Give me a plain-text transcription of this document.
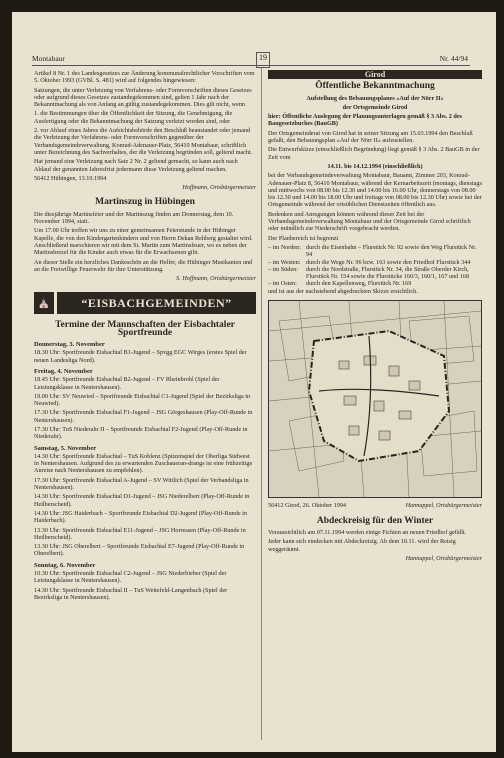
Montabaur	19	Nr. 44/94

Artikel 8 Nr. 1 des Landesgesetzes zur Änderung kommunalrechtlicher Vorschriften vom 5. Oktober 1993 (GVBl. S. 481) wird auf folgendes hingewiesen:

Satzungen, die unter Verletzung von Verfahrens- oder Formvorschriften dieses Gesetzes oder aufgrund dieses Gesetzes zustandegekommen sind, gelten 1 Jahr nach der Bekanntmachung als von Anfang an gültig zustandegekommen. Dies gilt nicht, wenn

1. die Bestimmungen über die Öffentlichkeit der Sitzung, die Genehmigung, die Ausfertigung oder die Bekanntmachung der Satzung verletzt worden sind, oder

2. vor Ablauf eines Jahres die Aufsichtsbehörde den Beschluß beanstandet oder jemand die Verletzung der Verfahrens- oder Formvorschriften gegenüber der Verbandsgemeindeverwaltung, Konrad-Adenauer-Platz, 56410 Montabaur, schriftlich unter Bezeichnung des Sachverhaltes, der die Verletzung begründen soll, geltend macht.

Hat jemand eine Verletzung nach Satz 2 Nr. 2 geltend gemacht, so kann auch nach Ablauf der genannten Jahresfrist jedermann diese Verletzung geltend machen.

56412 Hübingen, 13.10.1994

Hoffmann, Ortsbürgermeister

Martinszug in Hübingen

Die diesjährige Martinsfeier und der Martinszug finden am Donnerstag, dem 10. November 1994, statt.

Um 17.00 Uhr treffen wir uns zu einer gemeinsamen Feierstunde in der Hübinger Kapelle, die von den Kindergartenkindern und von Herrn Dekan Rehberg gestaltet wird. Anschließend marschieren wir mit dem St. Martin zum Martinsfeuer, wo es neben der Martinsbrezel für die Kinder auch etwas für die Erwachsenen gibt.

An dieser Stelle ein herzliches Dankeschön an die Helfer, die Hübinger Musikanten und an die Freiwillige Feuerwehr für ihre Unterstützung.

S. Hoffmann, Ortsbürgermeister

⛪	“EISBACHGEMEINDEN”
Termine der Mannschaften der Eisbachtaler Sportfreunde
Donnerstag, 3. November

18.30 Uhr: Sportfreunde Eisbachtal B1-Jugend – Spvgg EGC Wirges (erstes Spiel der neuen Landesliga Nord).

Freitag, 4. November

18.45 Uhr: Sportfreunde Eisbachtal B2-Jugend – FV Rheinbrohl (Spiel der Leistungsklasse in Nentershausen).

19.00 Uhr: SV Neuwied – Sportfreunde Eisbachtal C1-Jugend (Spiel der Bezirksliga in Neuwied).

17.30 Uhr: Sportfreunde Eisbachtal F1-Jugend – JSG Görgeshausen (Play-Off-Runde in Nentershausen).

17.30 Uhr: TuS Niederahr II – Sportfreunde Eisbachtal F2-Jugend (Play-Off-Runde in Niederahr).

Samstag, 5. November

14.30 Uhr: Sportfreunde Eisbachtal – TuS Koblenz (Spitzenspiel der Oberliga Südwest in Nentershausen. Aufgrund des zu erwartenden Zuschaueran-drangs ist eine frühzeitige Anreise nach Nentershausen zu empfehlen).

17.30 Uhr: Sportfreunde Eisbachtal A-Jugend – SV Wittlich (Spiel der Verbandsliga in Nentershausen).

14.30 Uhr: Sportfreunde Eisbachtal D1-Jugend – JSG Niederelbert (Play-Off-Runde in Heilberscheid).

14.30 Uhr: JSG Haiderbach – Sportfreunde Eisbachtal D2-Jugend (Play-Off-Runde in Haiderbach).

13.30 Uhr: Sportfreunde Eisbachtal E11-Jugend – JSG Horressen (Play-Off-Runde in Heilberscheid).

13.30 Uhr: JSG Oberelbert – Sportfreunde Eisbachtal E7-Jugend (Play-Off-Runde in Oberelbert).

Sonntag, 6. November

10.30 Uhr: Sportfreunde Eisbachtal C2-Jugend – JSG Niederbieber (Spiel der Leistungsklasse in Nentershausen).

14.30 Uhr: Sportfreunde Eisbachtal II – TuS Weitefeld-Langenbach (Spiel der Bezirksliga in Nentershausen).

Girod
Öffentliche Bekanntmachung

Aufstellung des Bebauungsplanes »Auf der Nörr II«

der Ortsgemeinde Girod

hier: Öffentliche Auslegung der Planungsunterlagen gemäß § 3 Abs. 2 des Baugesetzbuches (BauGB)

Der Ortsgemeinderat von Girod hat in seiner Sitzung am 15.03.1994 den Beschluß gefaßt, den Bebauungsplan »Auf der Nörr II« aufzustellen.

Die Entwurfskizze (einschließlich Begründung) liegt gemäß § 3 Abs. 2 BauGB in der Zeit vom

14.11. bis 14.12.1994 (einschließlich)

bei der Verbandsgemeindeverwaltung Montabaur, Bauamt, Zimmer 203, Konrad-Adenauer-Platz 8, 56410 Montabaur, während der Kernarbeitszeit (montags, dienstags und mittwochs von 08.00 bis 12.30 und 14.00 bis 16.00 Uhr, donnerstags von 08.00 bis 12.30 und 14.00 bis 18.00 Uhr und freitags von 08.00 bis 12.30 Uhr) sowie bei der Ortsgemeinde während der ortsüblichen Dienstzeiten öffentlich aus.

Bedenken und Anregungen können während dieser Zeit bei der Verbandsgemeindeverwaltung Montabaur und der Ortsgemeinde Girod schriftlich oder mündlich zur Niederschrift vorgebracht werden.

Der Planbereich ist begrenzt

– im Norden: durch die Eisenbahn – Flurstück Nr. 92 sowie den Weg Flurstück Nr. 94
– im Westen: durch die Wege Nr. 96 bzw. 163 sowie den Friedhof Flurstück 344
– im Süden:	durch die Nordstraße, Flurstück Nr. 34, die Straße Oberder Kirch, Flurstück Nr. 154 sowie die Flurstücke 160/3, 160/1, 167 und 168
– im Osten:	durch den Kapellenweg, Flurstück Nr. 169

und ist aus der nachstehend abgedruckten Skizze ersichtlich.

56412 Girod, 26. Oktober 1994	Hannappel, Ortsbürgermeister

Abdeckreisig für den Winter

Voraussichtlich am 07.11.1994 werden einige Fichten an neuen Friedhof gefällt.

Jeder kann sich eindecken mit Abdeckreisig. Ab dem 10.11. wird der Reisig weggeräumt.

Hannappel, Ortsbürgermeister
